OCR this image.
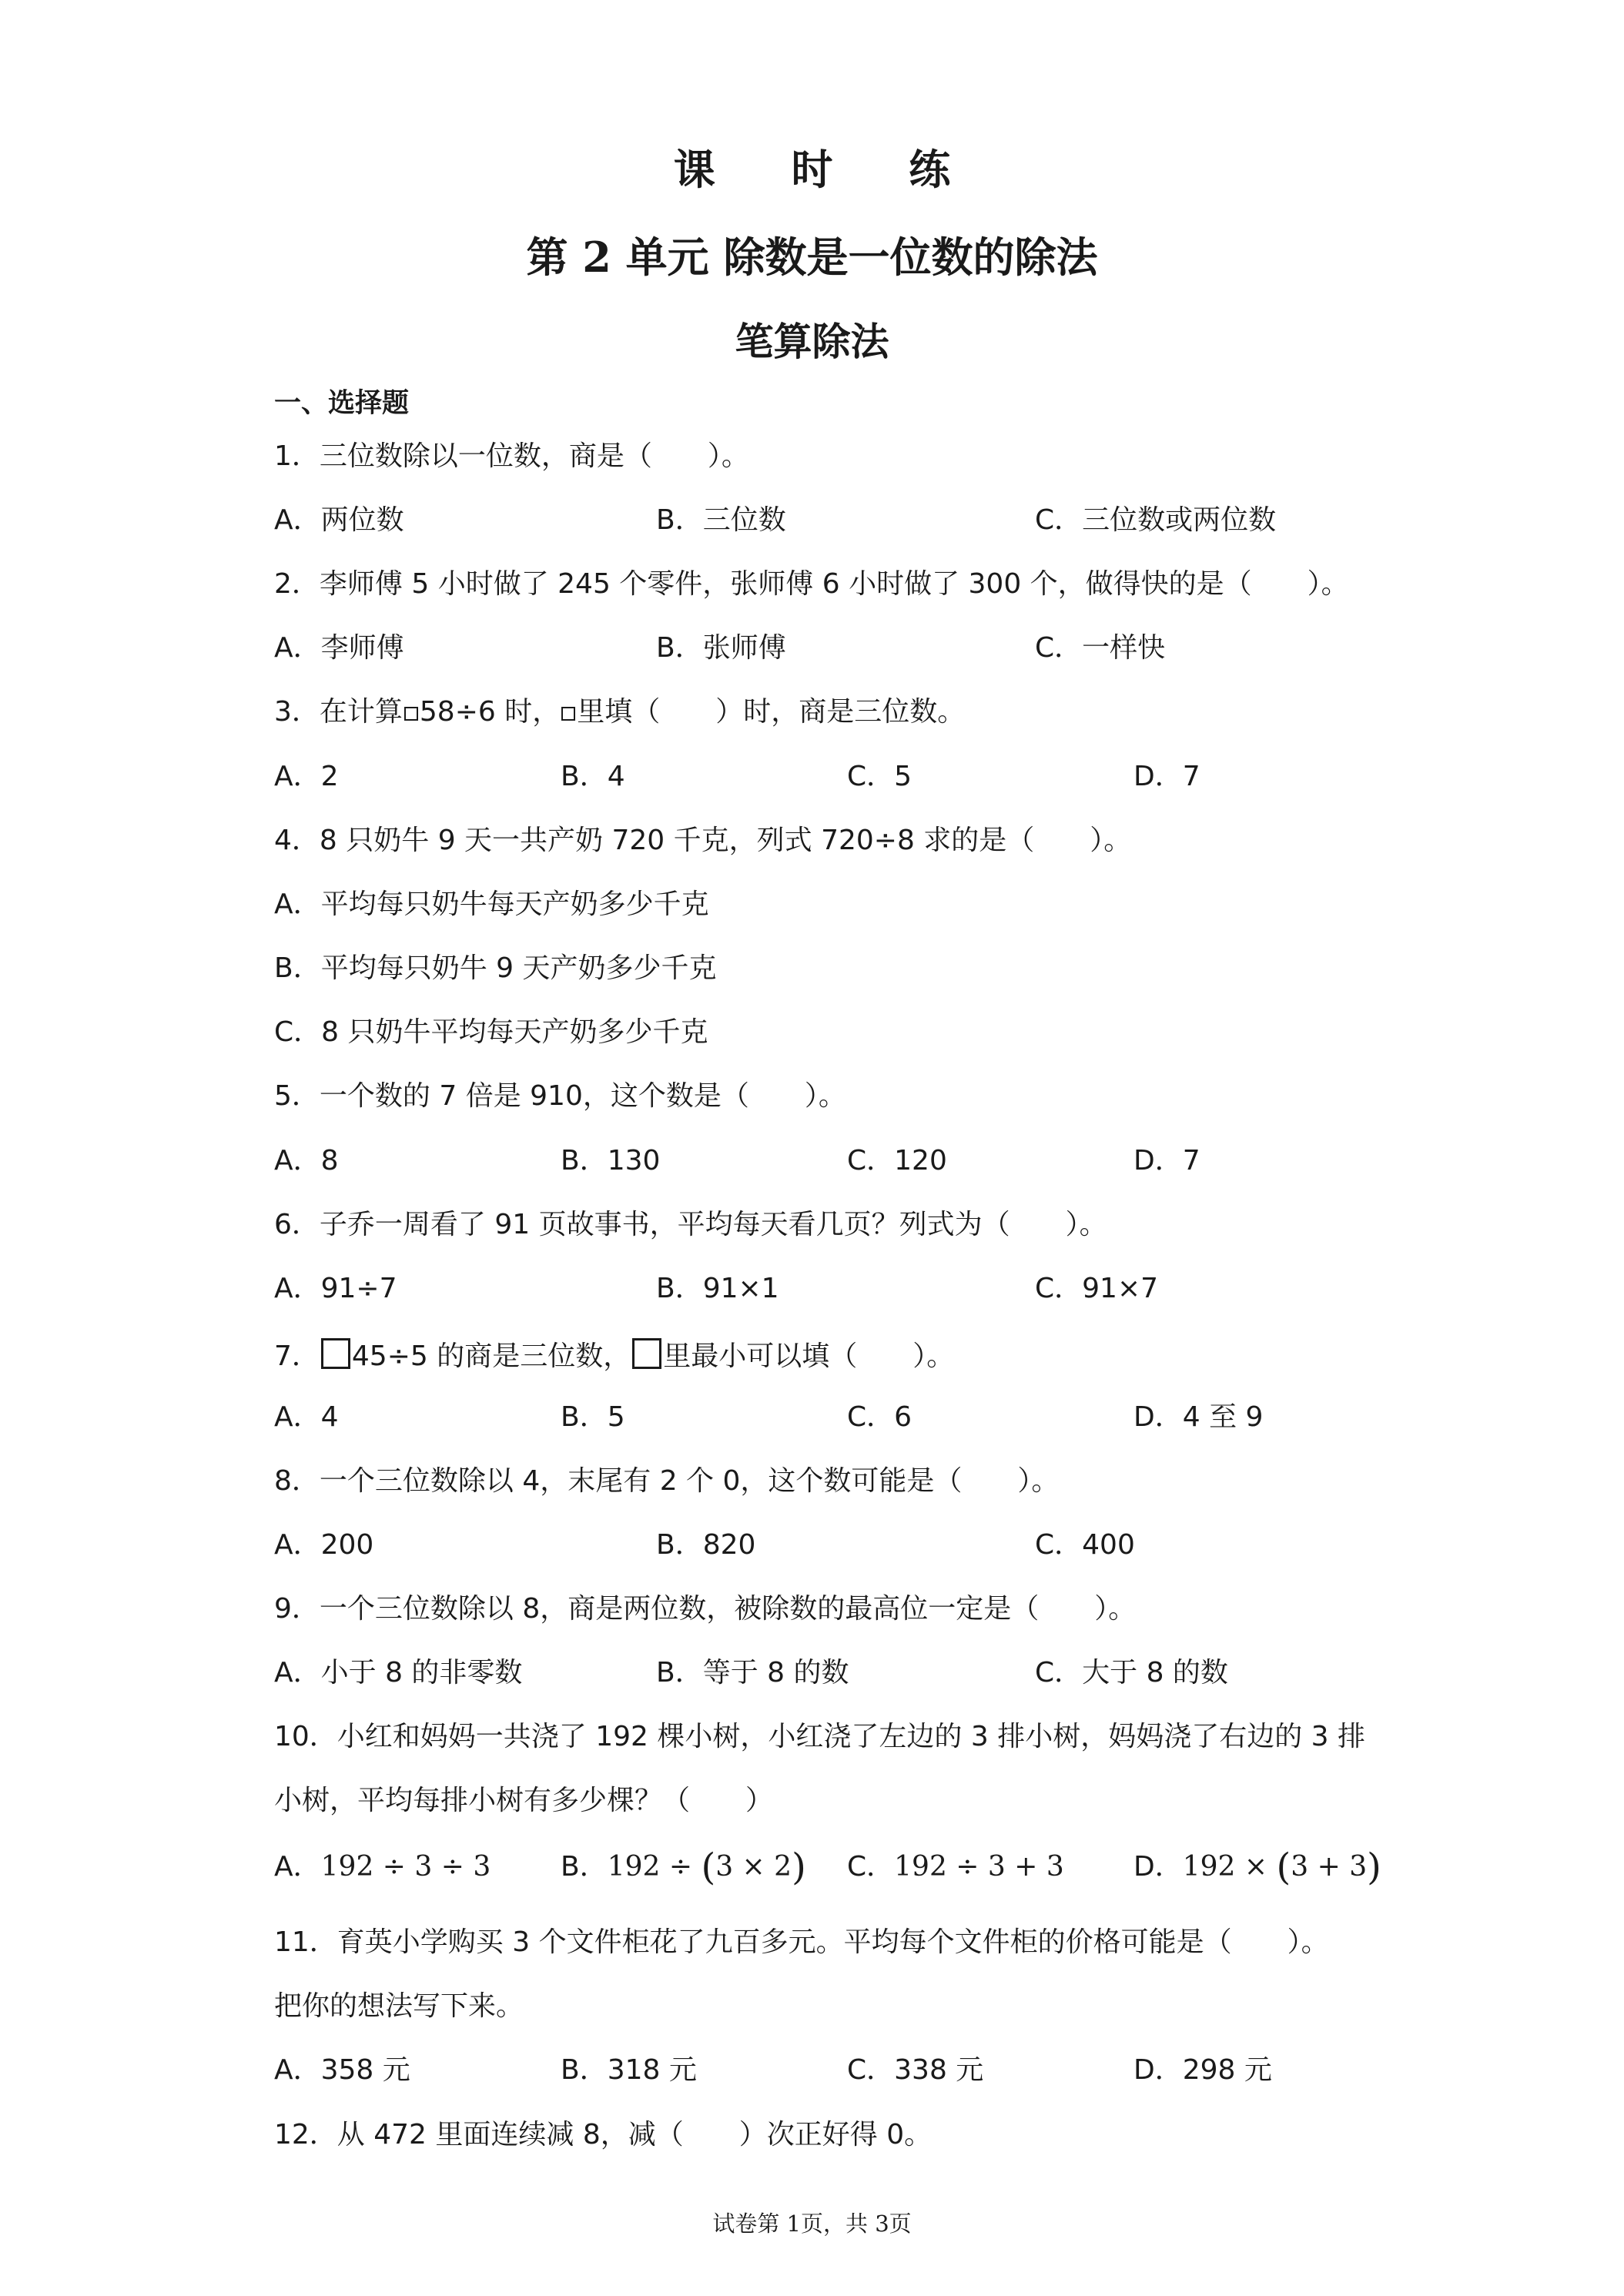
课 时 练
第 2 单元 除数是一位数的除法
笔算除法

一、选择题

1．三位数除以一位数，商是（　　）。

A．两位数	B．三位数	C．三位数或两位数

2．李师傅 5 小时做了 245 个零件，张师傅 6 小时做了 300 个，做得快的是（　　）。

A．李师傅	B．张师傅	C．一样快

3．在计算 58÷6 时， 里填（　　）时，商是三位数。

A．2	B．4	C．5	D．7

4．8 只奶牛 9 天一共产奶 720 千克，列式 720÷8 求的是（　　）。

A．平均每只奶牛每天产奶多少千克

B．平均每只奶牛 9 天产奶多少千克

C．8 只奶牛平均每天产奶多少千克

5．一个数的 7 倍是 910，这个数是（　　）。

A．8	B．130	C．120	D．7

6．子乔一周看了 91 页故事书，平均每天看几页？列式为（　　）。

A．91÷7	B．91×1	C．91×7

7． 45÷5 的商是三位数， 里最小可以填（　　）。

A．4	B．5	C．6	D．4 至 9

8．一个三位数除以 4，末尾有 2 个 0，这个数可能是（　　）。

A．200	B．820	C．400

9．一个三位数除以 8，商是两位数，被除数的最高位一定是（　　）。

A．小于 8 的非零数	B．等于 8 的数	C．大于 8 的数

10．小红和妈妈一共浇了 192 棵小树，小红浇了左边的 3 排小树，妈妈浇了右边的 3 排

小树，平均每排小树有多少棵？（　　）

A．192 ÷ 3 ÷ 3	B．192 ÷ (3 × 2) C．192 ÷ 3 + 3	D．192 × (3 + 3)

11．育英小学购买 3 个文件柜花了九百多元。平均每个文件柜的价格可能是（　　）。

把你的想法写下来。

A．358 元	B．318 元	C．338 元	D．298 元

12．从 472 里面连续减 8，减（　　）次正好得 0。

试卷第 1页，共 3页
